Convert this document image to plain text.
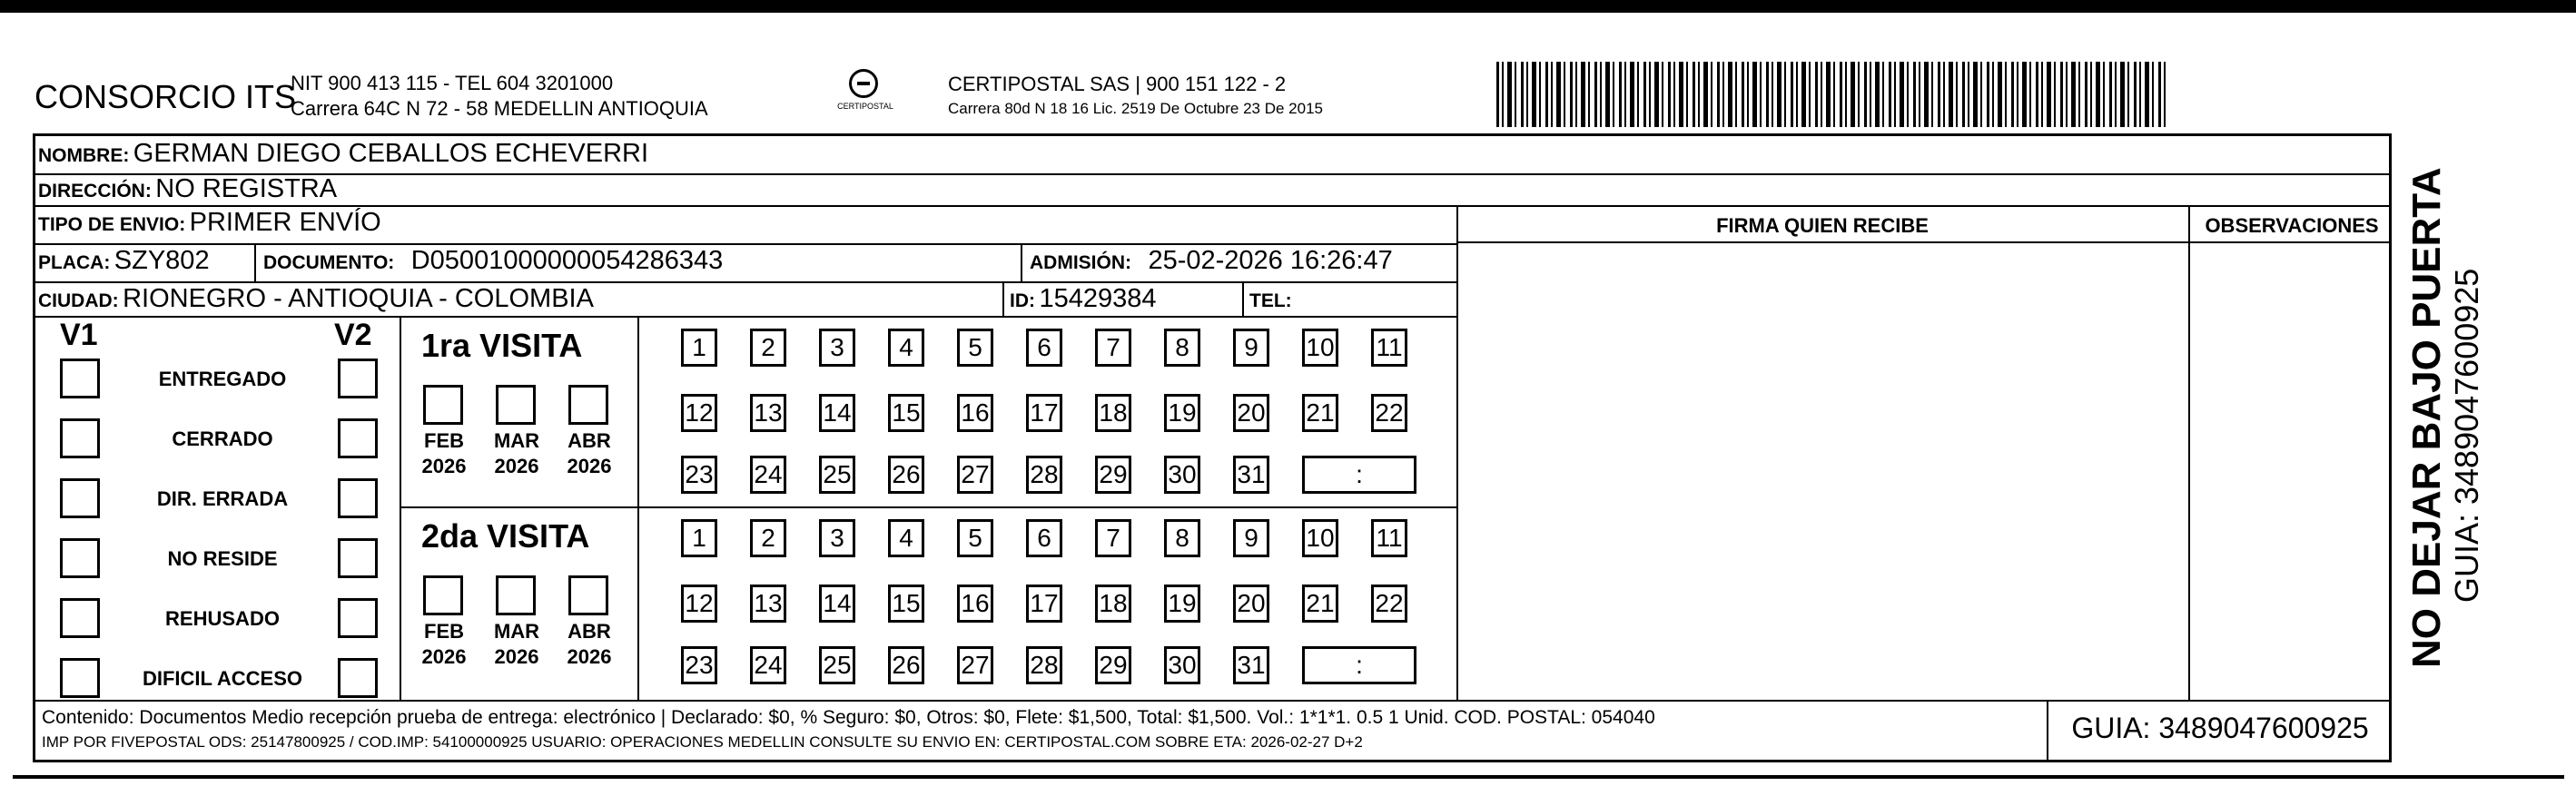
CONSORCIO ITS
NIT 900 413 115 - TEL 604 3201000
Carrera 64C N 72 - 58 MEDELLIN ANTIOQUIA	CERTIPOSTAL
CERTIPOSTAL SAS | 900 151 122 - 2
Carrera 80d N 18 16 Lic. 2519 De Octubre 23 De 2015
NOMBRE: GERMAN DIEGO CEBALLOS ECHEVERRI
DIRECCIÓN: NO REGISTRA
TIPO DE ENVIO: PRIMER ENVÍO
PLACA: SZY802	DOCUMENTO: D05001000000054286343	ADMISIÓN: 25-02-2026 16:26:47
CIUDAD: RIONEGRO - ANTIOQUIA - COLOMBIA	ID: 15429384	TEL:
FIRMA QUIEN RECIBE	OBSERVACIONES
V1	V2
ENTREGADO
CERRADO
DIR. ERRADA
NO RESIDE
REHUSADO
DIFICIL ACCESO
1ra VISITA
FEB
2026
MAR
2026
ABR
2026
1	2	3	4	5	6	7	8	9	10 11
12 13 14 15 16 17 18 19 20 21 22
23 24 25 26 27 28 29 30 31	:
2da VISITA
FEB
2026
MAR
2026
ABR
2026
1	2	3	4	5	6	7	8	9	10 11
12 13 14 15 16 17 18 19 20 21 22
23 24 25 26 27 28 29 30 31	:
Contenido: Documentos Medio recepción prueba de entrega: electrónico | Declarado: $0, % Seguro: $0, Otros: $0, Flete: $1,500, Total: $1,500. Vol.: 1*1*1. 0.5 1 Unid. COD. POSTAL: 054040
IMP POR FIVEPOSTAL ODS: 25147800925 / COD.IMP: 54100000925 USUARIO: OPERACIONES MEDELLIN CONSULTE SU ENVIO EN: CERTIPOSTAL.COM SOBRE ETA: 2026-02-27 D+2	GUIA: 3489047600925
NO DEJAR BAJO PUERTA GUIA: 3489047600925
